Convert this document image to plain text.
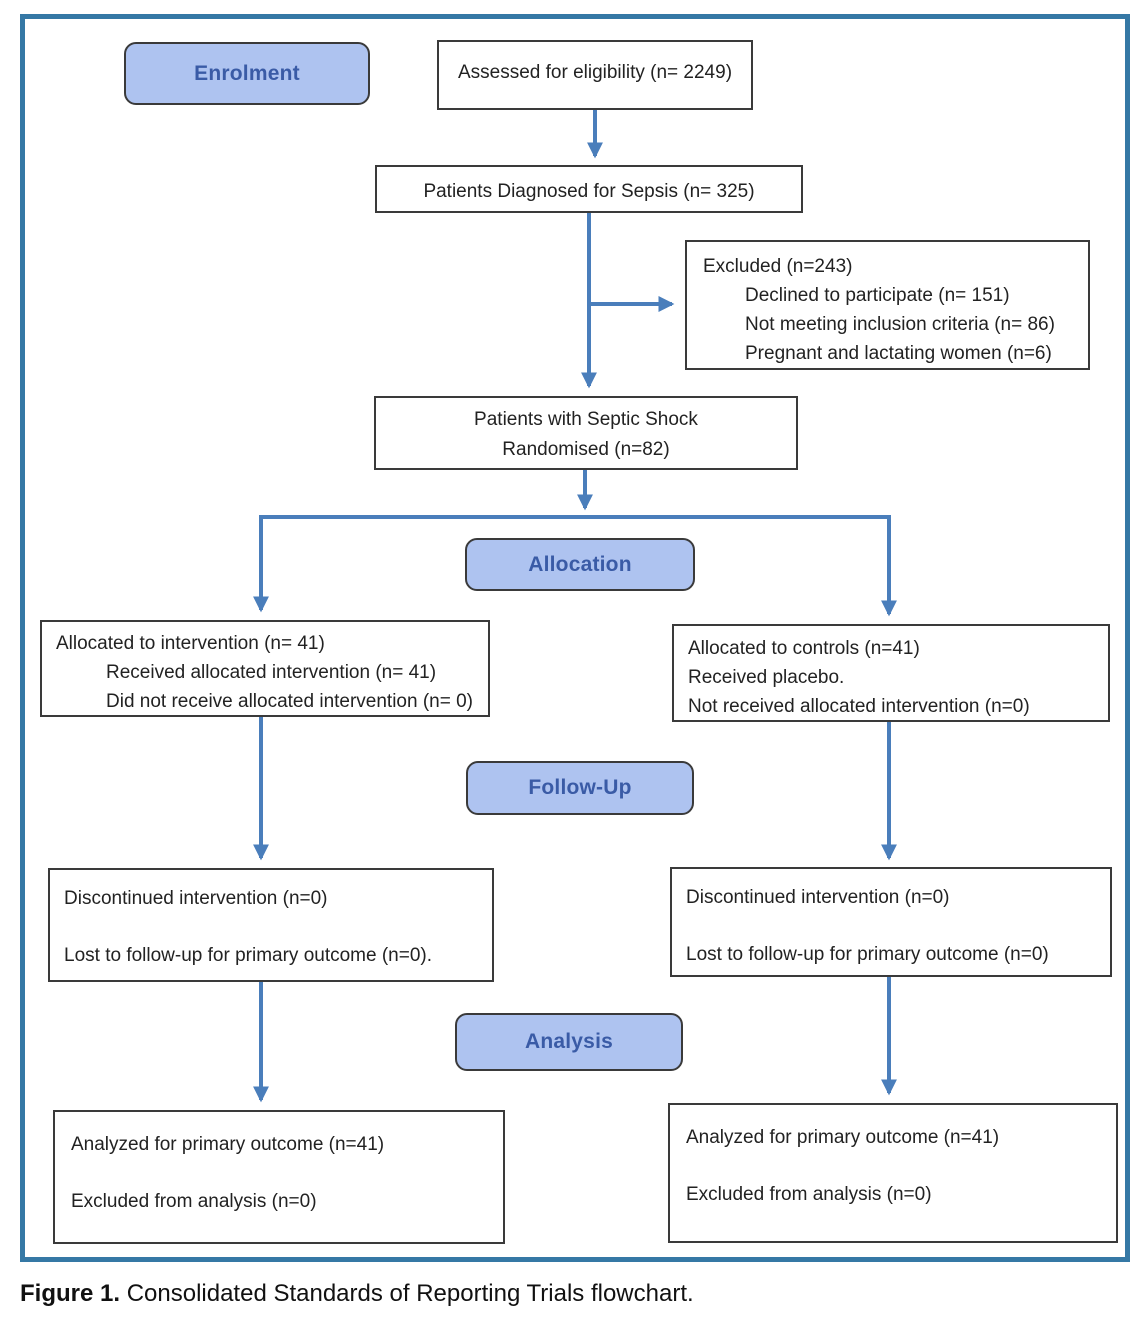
Enrolment
Allocation
Follow-Up
Analysis
Assessed for eligibility (n= 2249)
Patients Diagnosed for Sepsis (n= 325)
Excluded (n=243)
Declined to participate (n= 151)
Not meeting inclusion criteria (n= 86)
Pregnant and lactating women (n=6)
Patients with Septic Shock
Randomised (n=82)
Allocated to intervention (n= 41)
Received allocated intervention (n= 41)
Did not receive allocated intervention (n= 0)
Allocated to controls (n=41)
Received placebo.
Not received allocated intervention (n=0)
Discontinued intervention (n=0)
Lost to follow-up for primary outcome (n=0).
Discontinued intervention (n=0)
Lost to follow-up for primary outcome (n=0)
Analyzed for primary outcome (n=41)
Excluded from analysis (n=0)
Analyzed for primary outcome (n=41)
Excluded from analysis (n=0)
Figure 1. Consolidated Standards of Reporting Trials flowchart.
